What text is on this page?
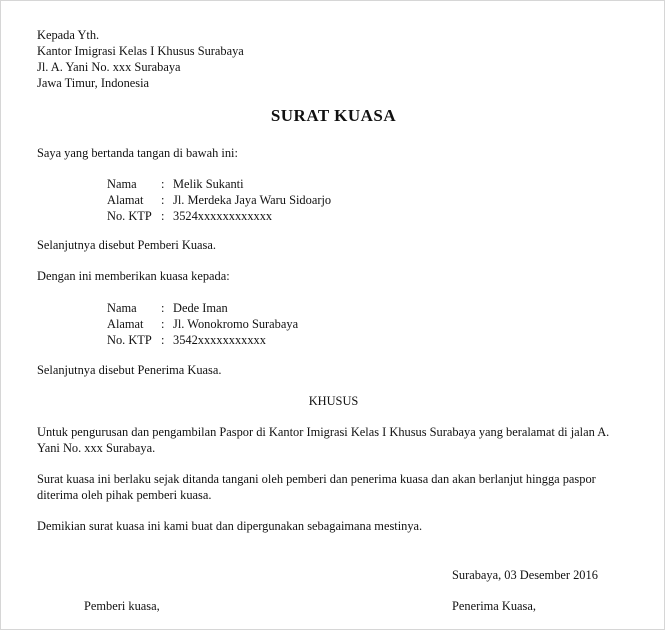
Kepada Yth.
Kantor Imigrasi Kelas I Khusus Surabaya
Jl. A. Yani No. xxx Surabaya
Jawa Timur, Indonesia
SURAT KUASA
Saya yang bertanda tangan di bawah ini:
Nama : Melik Sukanti
Alamat : Jl. Merdeka Jaya Waru Sidoarjo
No. KTP : 3524xxxxxxxxxxxx
Selanjutnya disebut Pemberi Kuasa.
Dengan ini memberikan kuasa kepada:
Nama : Dede Iman
Alamat : Jl. Wonokromo Surabaya
No. KTP : 3542xxxxxxxxxxx
Selanjutnya disebut Penerima Kuasa.
KHUSUS
Untuk pengurusan dan pengambilan Paspor di Kantor Imigrasi Kelas I Khusus Surabaya yang beralamat di jalan A. Yani No. xxx Surabaya.
Surat kuasa ini berlaku sejak ditanda tangani oleh pemberi dan penerima kuasa dan akan berlanjut hingga paspor diterima oleh pihak pemberi kuasa.
Demikian surat kuasa ini kami buat dan dipergunakan sebagaimana mestinya.
Surabaya, 03 Desember 2016
Pemberi kuasa,	Penerima Kuasa,
